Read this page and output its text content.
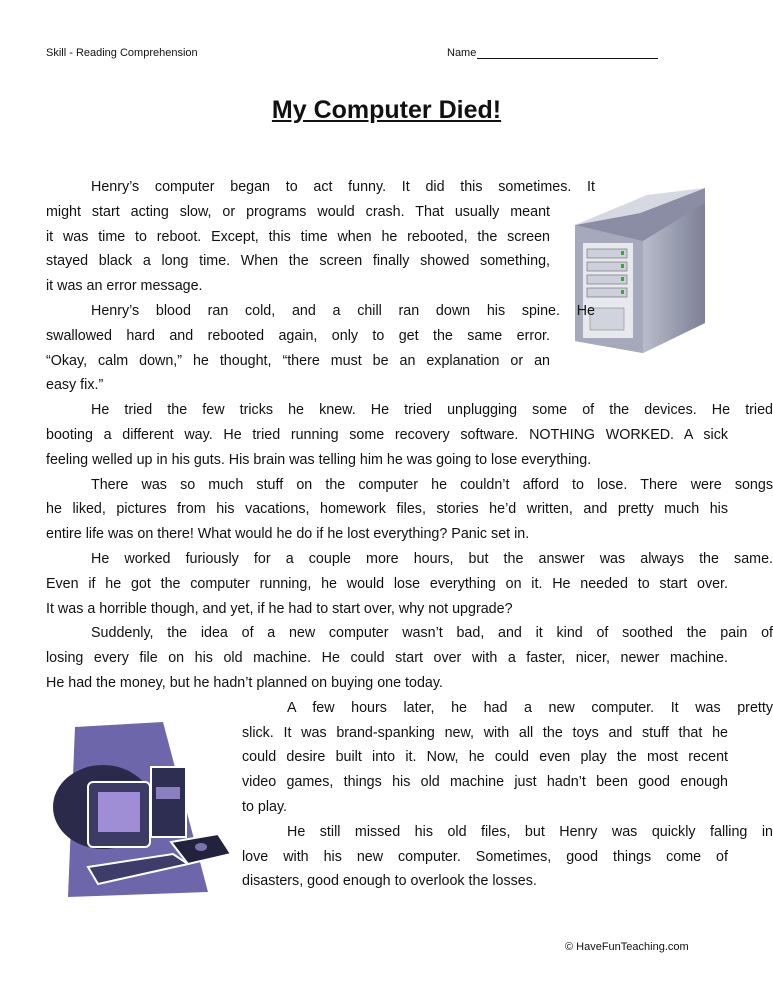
Skill - Reading Comprehension	Name
My Computer Died!
Henry’s computer began to act funny. It did this sometimes. It
might start acting slow, or programs would crash. That usually meant
it was time to reboot. Except, this time when he rebooted, the screen
stayed black a long time. When the screen finally showed something,
it was an error message.
Henry’s blood ran cold, and a chill ran down his spine. He
swallowed hard and rebooted again, only to get the same error.
“Okay, calm down,” he thought, “there must be an explanation or an
easy fix.”
He tried the few tricks he knew. He tried unplugging some of the devices. He tried
booting a different way. He tried running some recovery software. NOTHING WORKED. A sick
feeling welled up in his guts. His brain was telling him he was going to lose everything.
There was so much stuff on the computer he couldn’t afford to lose. There were songs
he liked, pictures from his vacations, homework files, stories he’d written, and pretty much his
entire life was on there! What would he do if he lost everything? Panic set in.
He worked furiously for a couple more hours, but the answer was always the same.
Even if he got the computer running, he would lose everything on it. He needed to start over.
It was a horrible though, and yet, if he had to start over, why not upgrade?
Suddenly, the idea of a new computer wasn’t bad, and it kind of soothed the pain of
losing every file on his old machine. He could start over with a faster, nicer, newer machine.
He had the money, but he hadn’t planned on buying one today.
A few hours later, he had a new computer. It was pretty
slick. It was brand-spanking new, with all the toys and stuff that he
could desire built into it. Now, he could even play the most recent
video games, things his old machine just hadn’t been good enough
to play.
He still missed his old files, but Henry was quickly falling in
love with his new computer. Sometimes, good things come of
disasters, good enough to overlook the losses.
© HaveFunTeaching.com
